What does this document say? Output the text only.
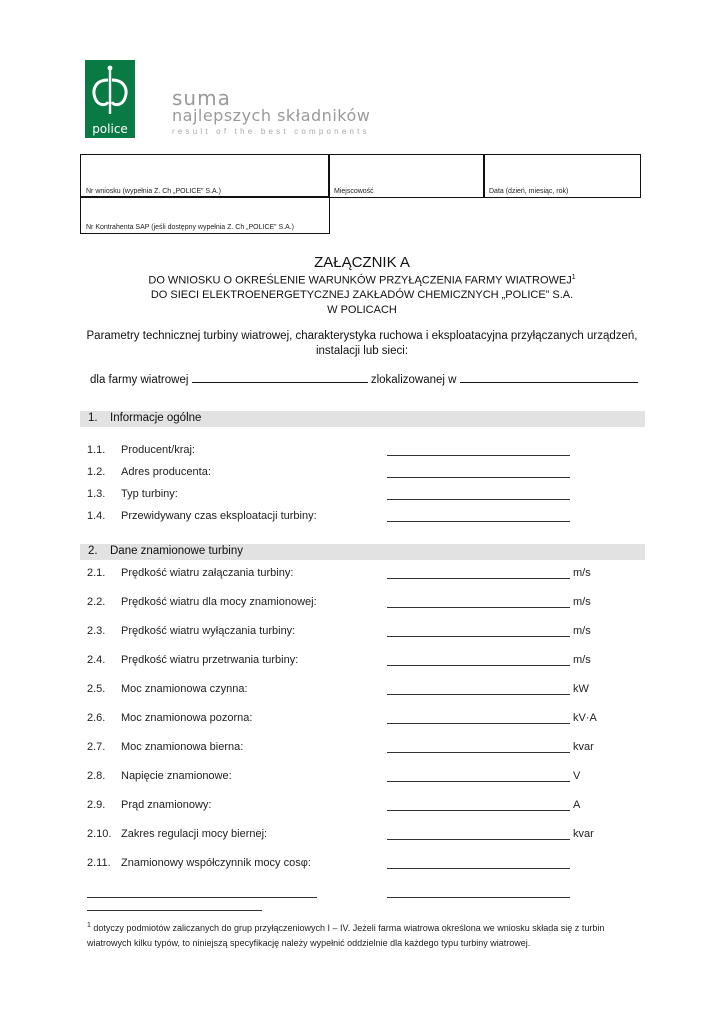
police
suma
najlepszych składników
result of the best components
Nr wniosku (wypełnia Z. Ch „POLICE” S.A.)	Miejscowość	Data (dzień, miesiąc, rok)
Nr Kontrahenta SAP (jeśli dostępny wypełnia Z. Ch „POLICE” S.A.)
ZAŁĄCZNIK A
DO WNIOSKU O OKREŚLENIE WARUNKÓW PRZYŁĄCZENIA FARMY WIATROWEJ$^1$
DO SIECI ELEKTROENERGETYCZNEJ ZAKŁADÓW CHEMICZNYCH „POLICE” S.A.
W POLICACH
Parametry technicznej turbiny wiatrowej, charakterystyka ruchowa i eksploatacyjna przyłączanych urządzeń,
instalacji lub sieci:
dla farmy wiatrowej	zlokalizowanej w
1. Informacje ogólne
1.1. Producent/kraj:
1.2. Adres producenta:
1.3. Typ turbiny:
1.4. Przewidywany czas eksploatacji turbiny:
2. Dane znamionowe turbiny
2.1. Prędkość wiatru załączania turbiny:	m/s
2.2. Prędkość wiatru dla mocy znamionowej:	m/s
2.3. Prędkość wiatru wyłączania turbiny:	m/s
2.4. Prędkość wiatru przetrwania turbiny:	m/s
2.5. Moc znamionowa czynna:	kW
2.6. Moc znamionowa pozorna:	kV·A
2.7. Moc znamionowa bierna:	kvar
2.8. Napięcie znamionowe:	V
2.9. Prąd znamionowy:	A
2.10. Zakres regulacji mocy biernej:	kvar
2.11. Znamionowy współczynnik mocy cosφ:
$^1$ dotyczy podmiotów zaliczanych do grup przyłączeniowych I – IV. Jeżeli farma wiatrowa określona we wniosku składa się z turbin wiatrowych kilku typów, to niniejszą specyfikację należy wypełnić oddzielnie dla każdego typu turbiny wiatrowej.
